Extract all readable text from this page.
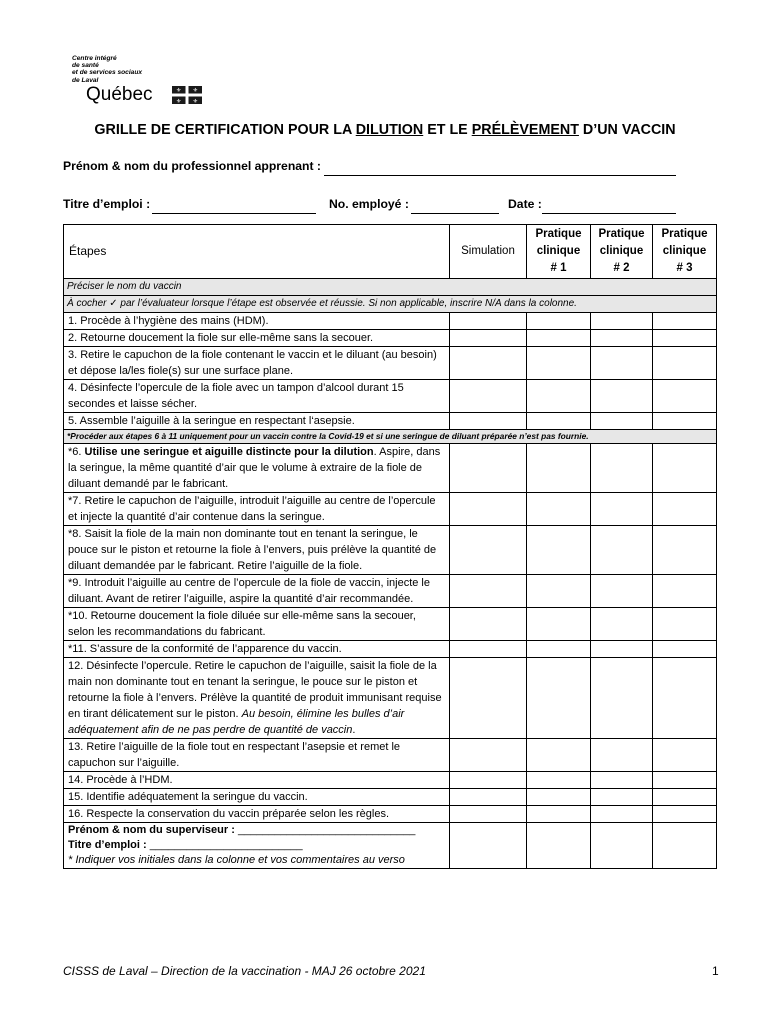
Centre intégré
de santé
et de services sociaux
de Laval
Québec	⚜ ⚜
⚜ ⚜
GRILLE DE CERTIFICATION POUR LA DILUTION ET LE PRÉLÈVEMENT D’UN VACCIN
Prénom & nom du professionnel apprenant :
Titre d’emploi :	No. employé :	Date :
Étapes	Simulation	Pratique
clinique
# 1	Pratique
clinique
# 2	Pratique
clinique
# 3
Préciser le nom du vaccin				
À cocher ✓ par l’évaluateur lorsque l’étape est observée et réussie. Si non applicable, inscrire N/A dans la colonne.				
1. Procède à l’hygiène des mains (HDM).				
2. Retourne doucement la fiole sur elle-même sans la secouer.				
3. Retire le capuchon de la fiole contenant le vaccin et le diluant (au besoin) et dépose la/les fiole(s) sur une surface plane.				
4. Désinfecte l’opercule de la fiole avec un tampon d’alcool durant 15 secondes et laisse sécher.				
5. Assemble l’aiguille à la seringue en respectant l‘asepsie.				
*Procéder aux étapes 6 à 11 uniquement pour un vaccin contre la Covid-19 et si une seringue de diluant préparée n’est pas fournie.				
*6. Utilise une seringue et aiguille distincte pour la dilution. Aspire, dans la seringue, la même quantité d’air que le volume à extraire de la fiole de diluant demandé par le fabricant.				
*7. Retire le capuchon de l’aiguille, introduit l’aiguille au centre de l’opercule et injecte la quantité d’air contenue dans la seringue.				
*8. Saisit la fiole de la main non dominante tout en tenant la seringue, le pouce sur le piston et retourne la fiole à l’envers, puis prélève la quantité de diluant demandée par le fabricant. Retire l’aiguille de la fiole.				
*9. Introduit l’aiguille au centre de l’opercule de la fiole de vaccin, injecte le diluant. Avant de retirer l’aiguille, aspire la quantité d’air recommandée.				
*10. Retourne doucement la fiole diluée sur elle-même sans la secouer, selon les recommandations du fabricant.				
*11. S’assure de la conformité de l’apparence du vaccin.				
12. Désinfecte l’opercule. Retire le capuchon de l’aiguille, saisit la fiole de la main non dominante tout en tenant la seringue, le pouce sur le piston et retourne la fiole à l’envers. Prélève la quantité de produit immunisant requise en tirant délicatement sur le piston. Au besoin, élimine les bulles d’air adéquatement afin de ne pas perdre de quantité de vaccin.				
13. Retire l’aiguille de la fiole tout en respectant l’asepsie et remet le capuchon sur l’aiguille.				
14. Procède à l’HDM.				
15. Identifie adéquatement la seringue du vaccin.				
16. Respecte la conservation du vaccin préparée selon les règles.				
Prénom & nom du superviseur : _____________________________
Titre d’emploi : _________________________
* Indiquer vos initiales dans la colonne et vos commentaires au verso				
CISSS de Laval – Direction de la vaccination - MAJ 26 octobre 2021	1
